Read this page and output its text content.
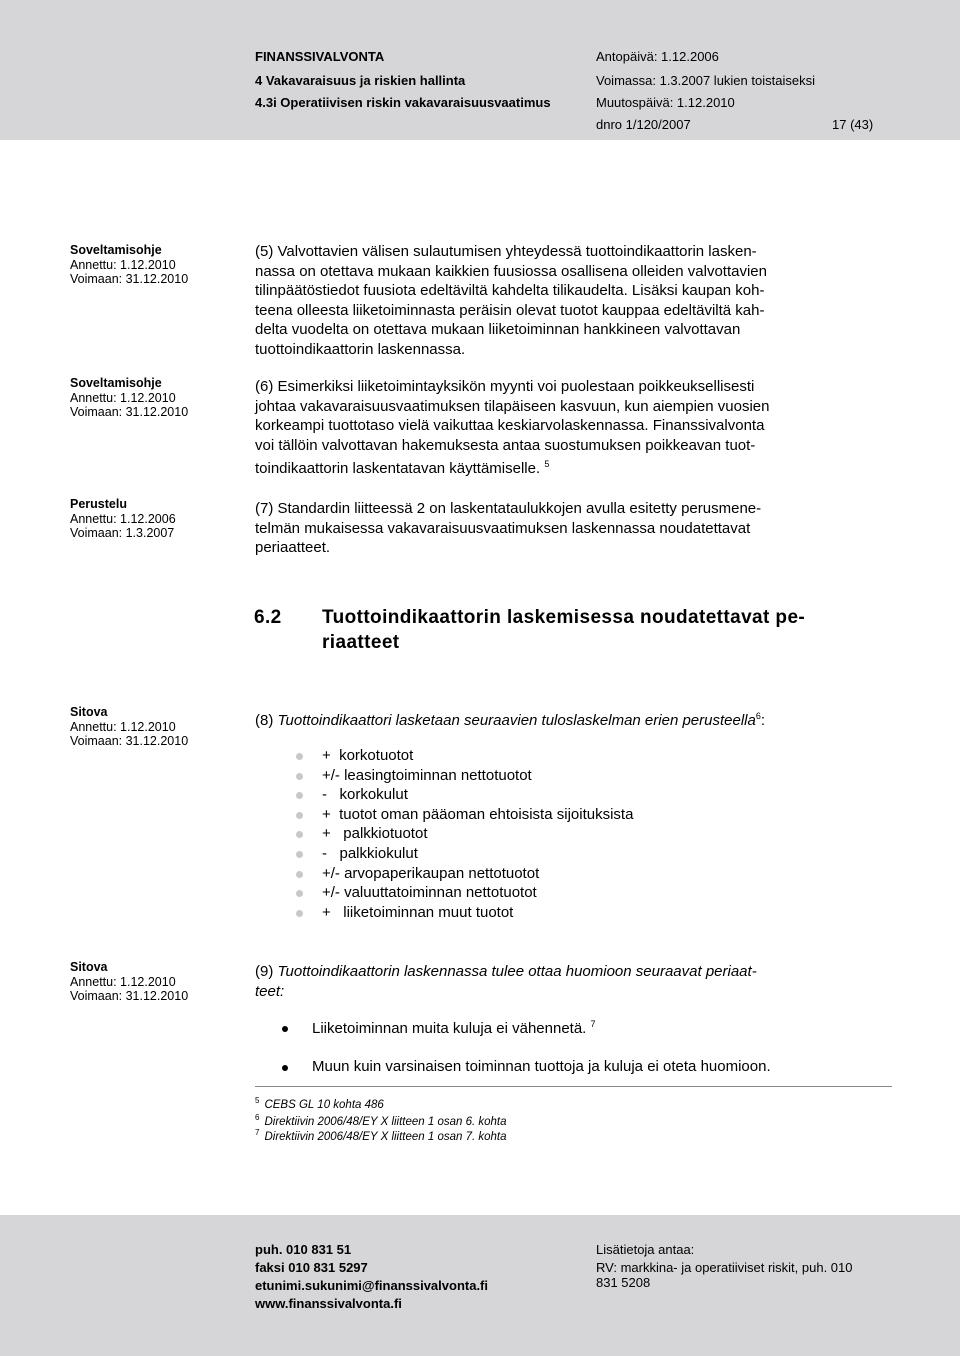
FINANSSIVALVONTA
4 Vakavaraisuus ja riskien hallinta
4.3i Operatiivisen riskin vakavaraisuusvaatimus
Antopäivä: 1.12.2006
Voimassa: 1.3.2007 lukien toistaiseksi
Muutospäivä: 1.12.2010
dnro 1/120/2007	17 (43)
Soveltamisohje
Annettu: 1.12.2010
Voimaan: 31.12.2010
Soveltamisohje
Annettu: 1.12.2010
Voimaan: 31.12.2010
Perustelu
Annettu: 1.12.2006
Voimaan: 1.3.2007
Sitova
Annettu: 1.12.2010
Voimaan: 31.12.2010
Sitova
Annettu: 1.12.2010
Voimaan: 31.12.2010

(5) Valvottavien välisen sulautumisen yhteydessä tuottoindikaattorin lasken-

nassa on otettava mukaan kaikkien fuusiossa osallisena olleiden valvottavien

tilinpäätöstiedot fuusiota edeltäviltä kahdelta tilikaudelta. Lisäksi kaupan koh-

teena olleesta liiketoiminnasta peräisin olevat tuotot kauppaa edeltäviltä kah-

delta vuodelta on otettava mukaan liiketoiminnan hankkineen valvottavan

tuottoindikaattorin laskennassa.

(6) Esimerkiksi liiketoimintayksikön myynti voi puolestaan poikkeuksellisesti

johtaa vakavaraisuusvaatimuksen tilapäiseen kasvuun, kun aiempien vuosien

korkeampi tuottotaso vielä vaikuttaa keskiarvolaskennassa. Finanssivalvonta

voi tällöin valvottavan hakemuksesta antaa suostumuksen poikkeavan tuot-

toindikaattorin laskentatavan käyttämiselle. $^5$

(7) Standardin liitteessä 2 on laskentataulukkojen avulla esitetty perusmene-

telmän mukaisessa vakavaraisuusvaatimuksen laskennassa noudatettavat

periaatteet.

6.2 Tuottoindikaattorin laskemisessa noudatettavat pe-
riaatteet

(8) Tuottoindikaattori lasketaan seuraavien tuloslaskelman erien perusteella$^6$:

+  korkotuotot
+/- leasingtoiminnan nettotuotot
-   korkokulut
+  tuotot oman pääoman ehtoisista sijoituksista
+   palkkiotuotot
-   palkkiokulut
+/- arvopaperikaupan nettotuotot
+/- valuuttatoiminnan nettotuotot
+   liiketoiminnan muut tuotot

(9) Tuottoindikaattorin laskennassa tulee ottaa huomioon seuraavat periaat-

teet:

Liiketoiminnan muita kuluja ei vähennetä. $^7$
Muun kuin varsinaisen toiminnan tuottoja ja kuluja ei oteta huomioon.
$^5$ CEBS GL 10 kohta 486
$^6$ Direktiivin 2006/48/EY X liitteen 1 osan 6. kohta
$^7$ Direktiivin 2006/48/EY X liitteen 1 osan 7. kohta
puh. 010 831 51
faksi 010 831 5297
etunimi.sukunimi@finanssivalvonta.fi
www.finanssivalvonta.fi
Lisätietoja antaa:
RV: markkina- ja operatiiviset riskit, puh. 010
831 5208
